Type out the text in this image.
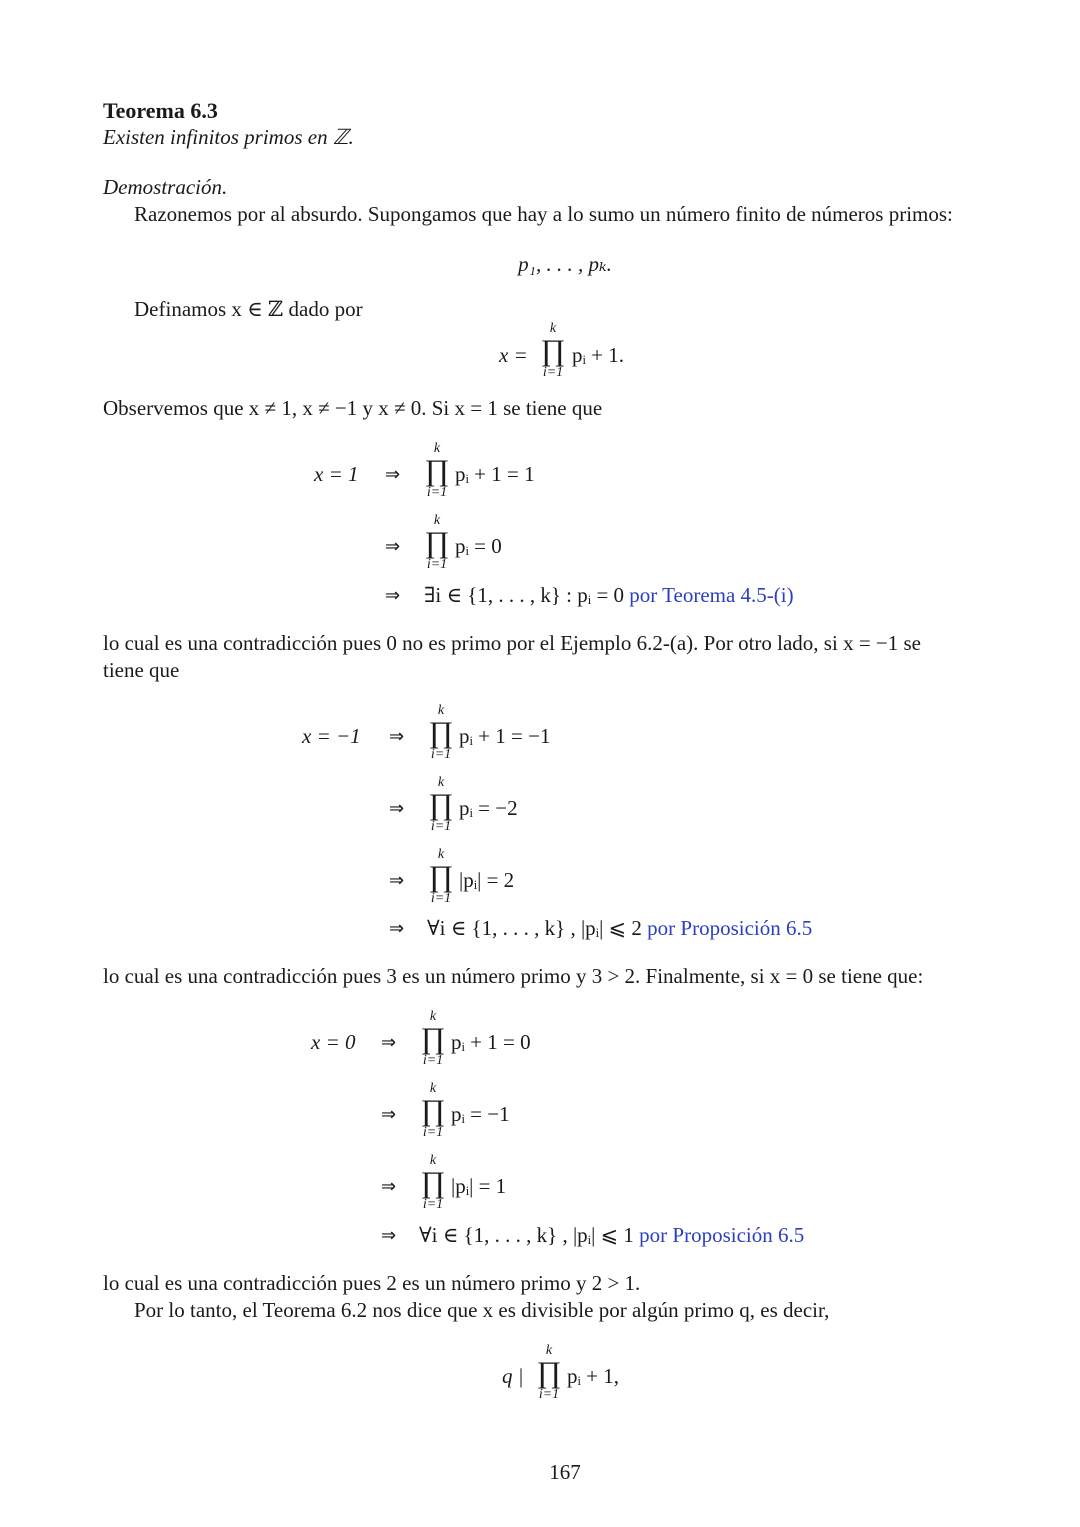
Teorema 6.3
Existen infinitos primos en ℤ.
Demostración.
Razonemos por al absurdo. Supongamos que hay a lo sumo un número finito de números primos:
p₁, . . . , pₖ.
Definamos x ∈ ℤ dado por
x =
k
∏
i=1
pᵢ + 1.
Observemos que x ≠ 1, x ≠ −1 y x ≠ 0. Si x = 1 se tiene que
x = 1 ⇒
k
∏
i=1
pᵢ + 1 = 1
⇒
k
∏
i=1
pᵢ = 0
⇒ ∃i ∈ {1, . . . , k} : pᵢ = 0 por Teorema 4.5-(i)
lo cual es una contradicción pues 0 no es primo por el Ejemplo 6.2-(a). Por otro lado, si x = −1 se
tiene que
x = −1 ⇒
k
∏
i=1
pᵢ + 1 = −1
⇒
k
∏
i=1
pᵢ = −2
⇒
k
∏
i=1
|pᵢ| = 2
⇒ ∀i ∈ {1, . . . , k} , |pᵢ| ⩽ 2 por Proposición 6.5
lo cual es una contradicción pues 3 es un número primo y 3 > 2. Finalmente, si x = 0 se tiene que:
x = 0 ⇒
k
∏
i=1
pᵢ + 1 = 0
⇒
k
∏
i=1
pᵢ = −1
⇒
k
∏
i=1
|pᵢ| = 1
⇒ ∀i ∈ {1, . . . , k} , |pᵢ| ⩽ 1 por Proposición 6.5
lo cual es una contradicción pues 2 es un número primo y 2 > 1.
Por lo tanto, el Teorema 6.2 nos dice que x es divisible por algún primo q, es decir,
q |
k
∏
i=1
pᵢ + 1,
167
